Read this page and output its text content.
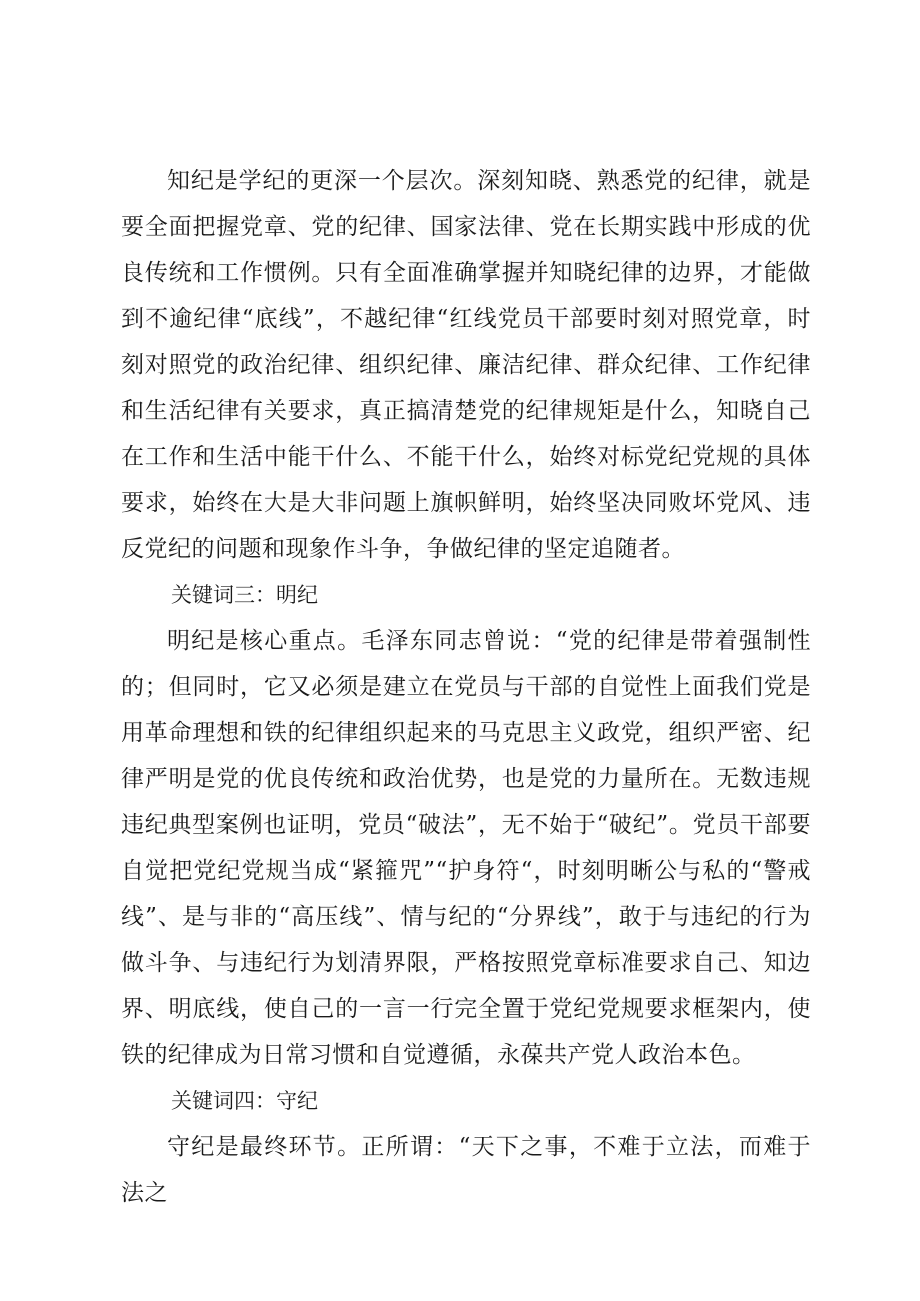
知纪是学纪的更深一个层次。深刻知晓、熟悉党的纪律，就是要全面把握党章、党的纪律、国家法律、党在长期实践中形成的优良传统和工作惯例。只有全面准确掌握并知晓纪律的边界，才能做到不逾纪律“底线”，不越纪律“红线党员干部要时刻对照党章，时刻对照党的政治纪律、组织纪律、廉洁纪律、群众纪律、工作纪律和生活纪律有关要求，真正搞清楚党的纪律规矩是什么，知晓自己在工作和生活中能干什么、不能干什么，始终对标党纪党规的具体要求，始终在大是大非问题上旗帜鲜明，始终坚决同败坏党风、违反党纪的问题和现象作斗争，争做纪律的坚定追随者。

关键词三：明纪

明纪是核心重点。毛泽东同志曾说：“党的纪律是带着强制性的；但同时，它又必须是建立在党员与干部的自觉性上面我们党是用革命理想和铁的纪律组织起来的马克思主义政党，组织严密、纪律严明是党的优良传统和政治优势，也是党的力量所在。无数违规违纪典型案例也证明，党员“破法”，无不始于“破纪”。党员干部要自觉把党纪党规当成“紧箍咒”“护身符“，时刻明晰公与私的“警戒线”、是与非的“高压线”、情与纪的“分界线”，敢于与违纪的行为做斗争、与违纪行为划清界限，严格按照党章标准要求自己、知边界、明底线，使自己的一言一行完全置于党纪党规要求框架内，使铁的纪律成为日常习惯和自觉遵循，永葆共产党人政治本色。

关键词四：守纪

守纪是最终环节。正所谓：“天下之事，不难于立法，而难于法之
